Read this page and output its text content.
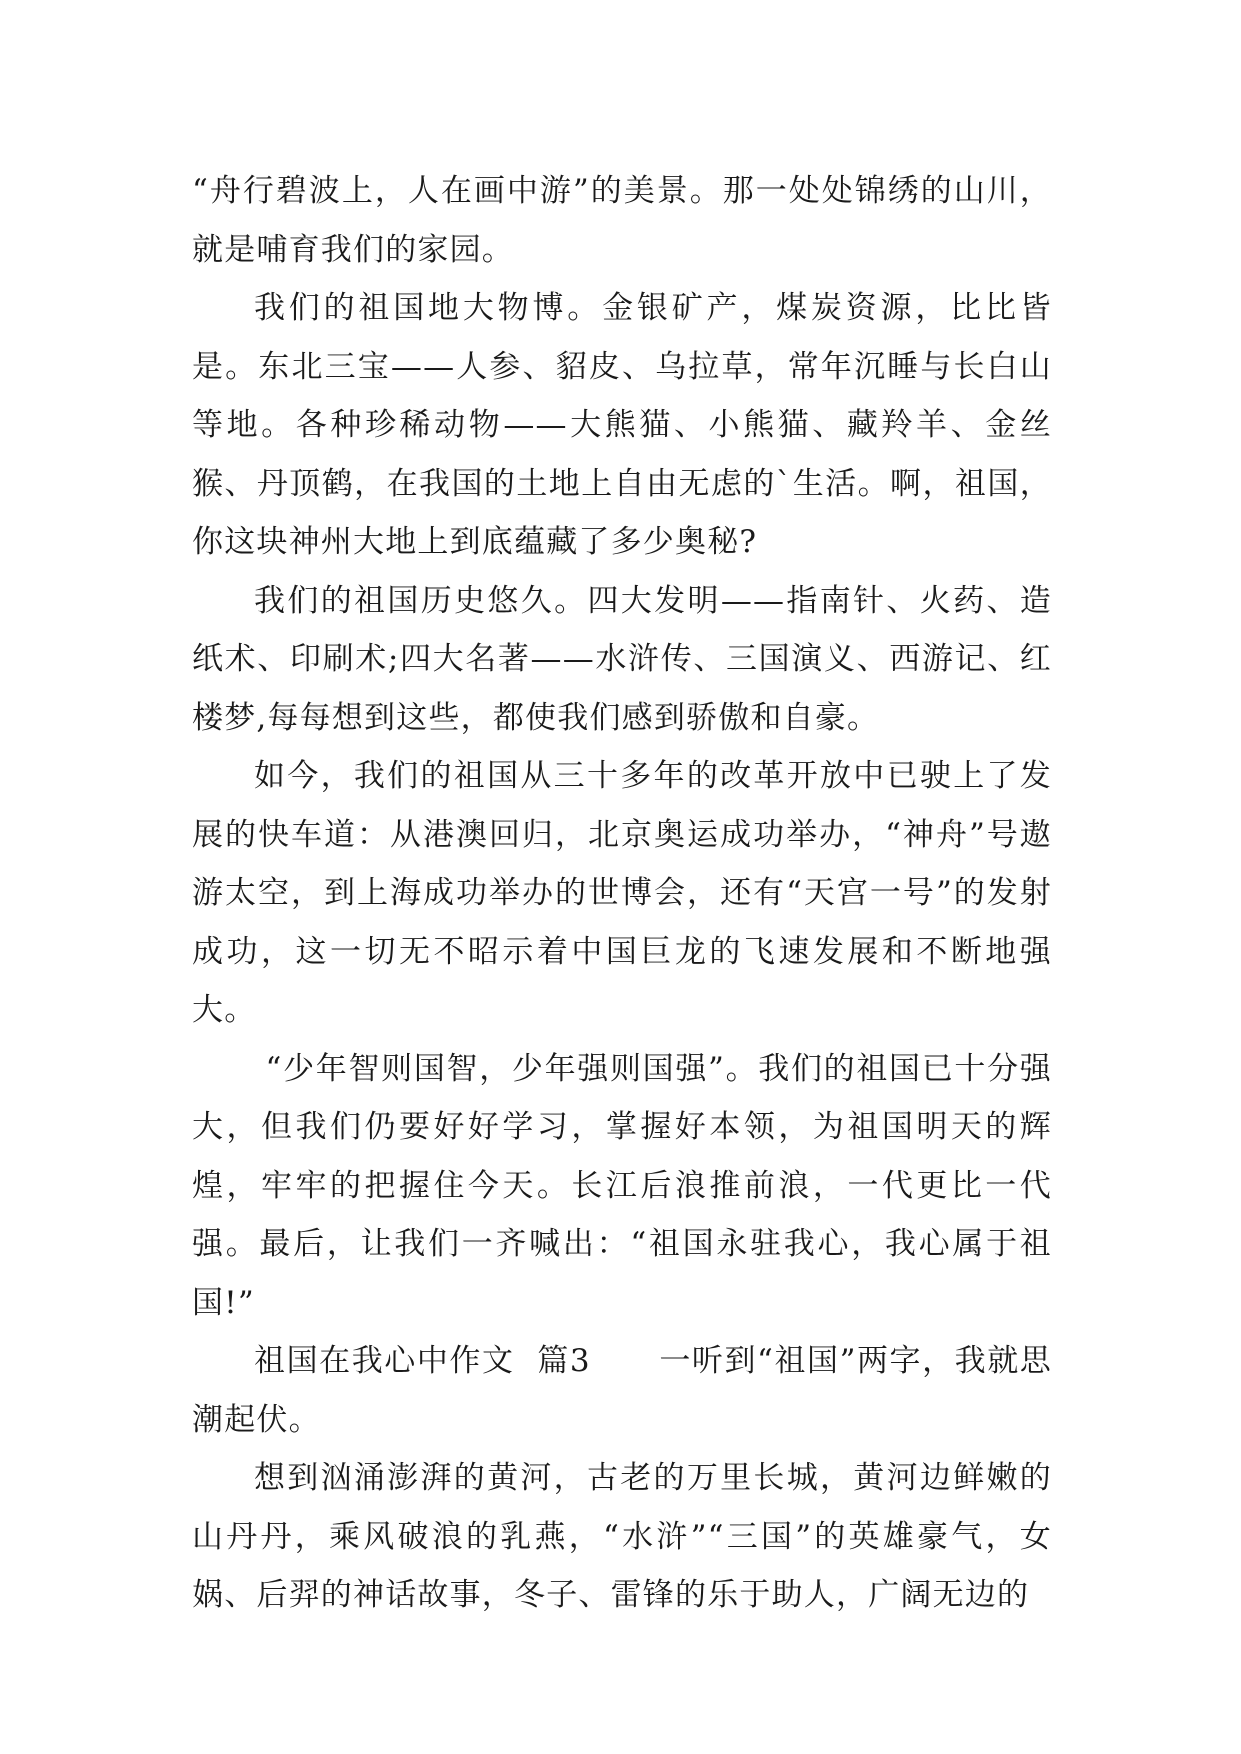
“舟行碧波上，人在画中游”的美景。那一处处锦绣的山川，就是哺育我们的家园。

我们的祖国地大物博。金银矿产，煤炭资源，比比皆是。东北三宝——人参、貂皮、乌拉草，常年沉睡与长白山等地。各种珍稀动物——大熊猫、小熊猫、藏羚羊、金丝猴、丹顶鹤，在我国的土地上自由无虑的`生活。啊，祖国，你这块神州大地上到底蕴藏了多少奥秘?

我们的祖国历史悠久。四大发明——指南针、火药、造纸术、印刷术;四大名著——水浒传、三国演义、西游记、红楼梦,每每想到这些，都使我们感到骄傲和自豪。

如今，我们的祖国从三十多年的改革开放中已驶上了发展的快车道：从港澳回归，北京奥运成功举办，“神舟”号遨游太空，到上海成功举办的世博会，还有“天宫一号”的发射成功，这一切无不昭示着中国巨龙的飞速发展和不断地强大。

“少年智则国智，少年强则国强”。我们的祖国已十分强大，但我们仍要好好学习，掌握好本领，为祖国明天的辉煌，牢牢的把握住今天。长江后浪推前浪，一代更比一代强。最后，让我们一齐喊出：“祖国永驻我心，我心属于祖国!”

祖国在我心中作文  篇3      一听到“祖国”两字，我就思潮起伏。

想到汹涌澎湃的黄河，古老的万里长城，黄河边鲜嫩的山丹丹，乘风破浪的乳燕，“水浒”“三国”的英雄豪气，女娲、后羿的神话故事，冬子、雷锋的乐于助人，广阔无边的
